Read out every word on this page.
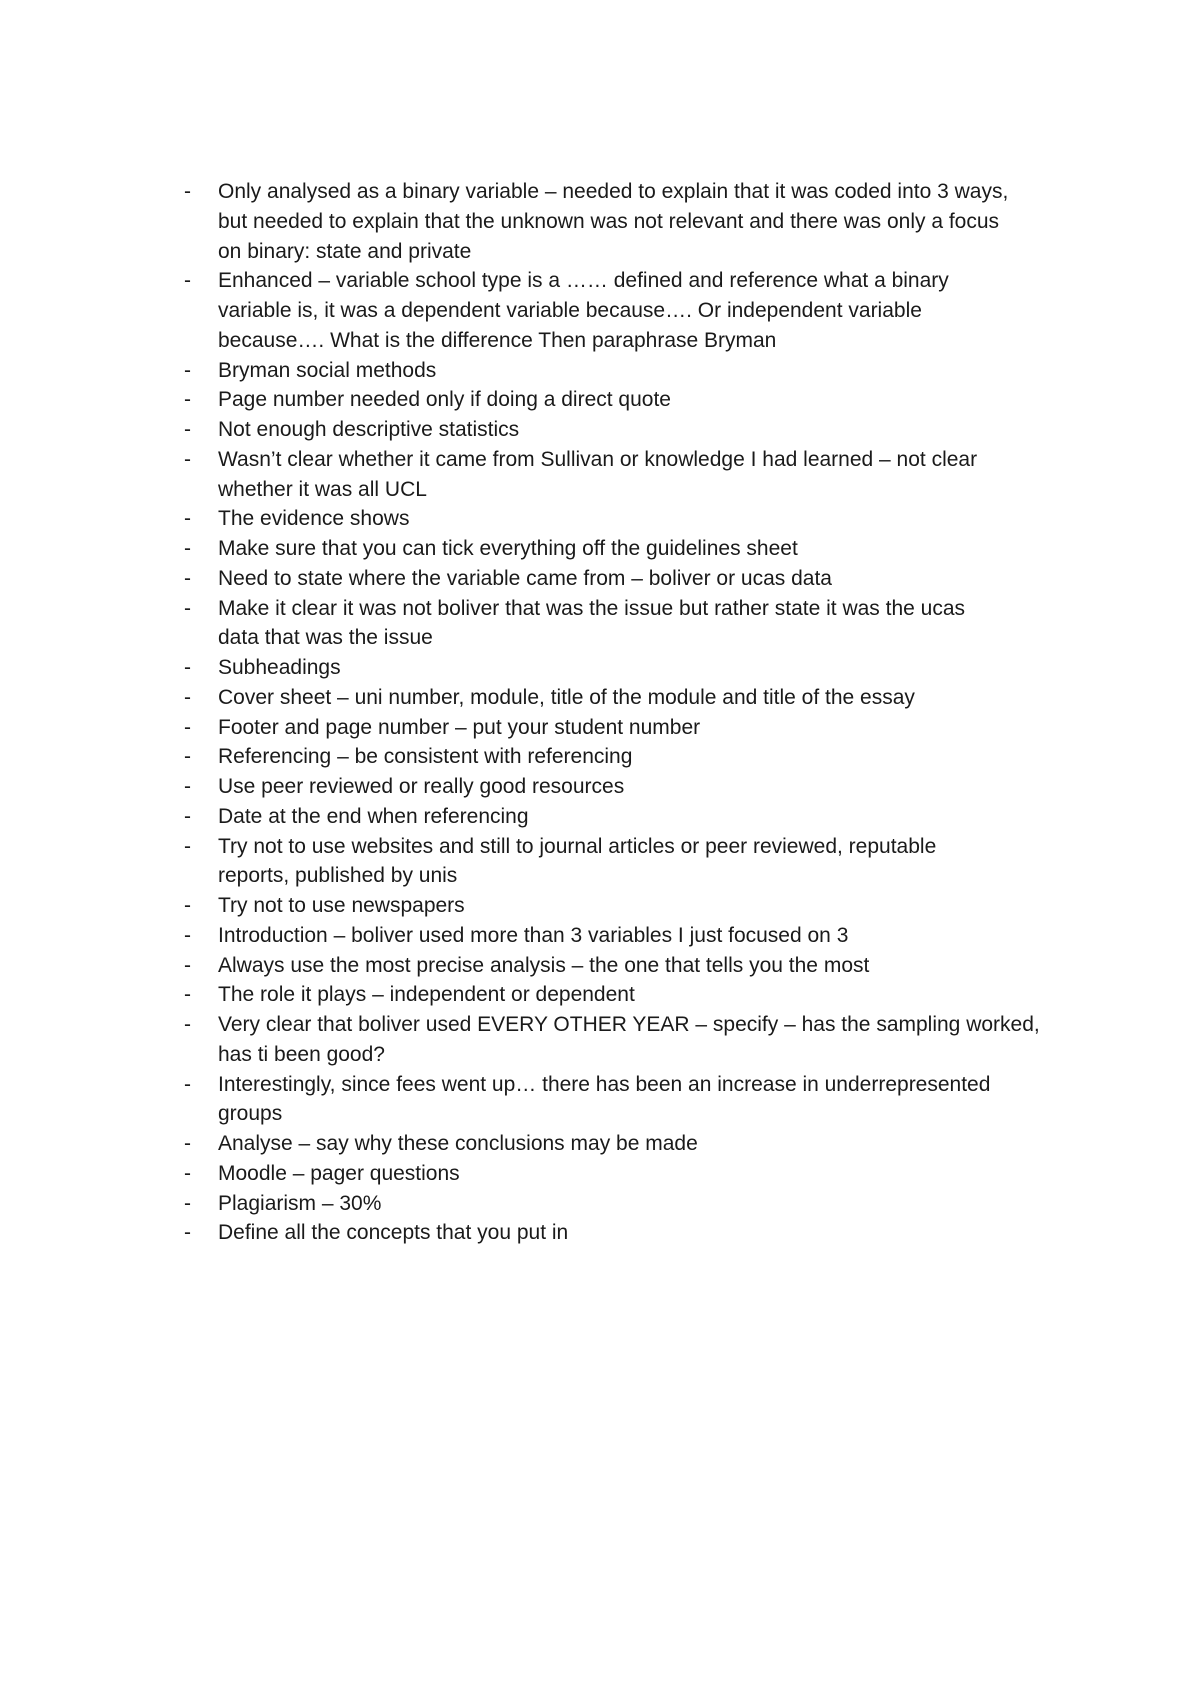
-	Only analysed as a binary variable – needed to explain that it was coded into 3 ways,
but needed to explain that the unknown was not relevant and there was only a focus
on binary: state and private
-	Enhanced – variable school type is a …… defined and reference what a binary
variable is, it was a dependent variable because…. Or independent variable
because…. What is the difference Then paraphrase Bryman
-	Bryman social methods
-	Page number needed only if doing a direct quote
-	Not enough descriptive statistics
-	Wasn’t clear whether it came from Sullivan or knowledge I had learned – not clear
whether it was all UCL
-	The evidence shows
-	Make sure that you can tick everything off the guidelines sheet
-	Need to state where the variable came from – boliver or ucas data
-	Make it clear it was not boliver that was the issue but rather state it was the ucas
data that was the issue
-	Subheadings
-	Cover sheet – uni number, module, title of the module and title of the essay
-	Footer and page number – put your student number
-	Referencing – be consistent with referencing
-	Use peer reviewed or really good resources
-	Date at the end when referencing
-	Try not to use websites and still to journal articles or peer reviewed, reputable
reports, published by unis
-	Try not to use newspapers
-	Introduction – boliver used more than 3 variables I just focused on 3
-	Always use the most precise analysis – the one that tells you the most
-	The role it plays – independent or dependent
-	Very clear that boliver used EVERY OTHER YEAR – specify – has the sampling worked,
has ti been good?
-	Interestingly, since fees went up… there has been an increase in underrepresented
groups
-	Analyse – say why these conclusions may be made
-	Moodle – pager questions
-	Plagiarism – 30%
-	Define all the concepts that you put in
